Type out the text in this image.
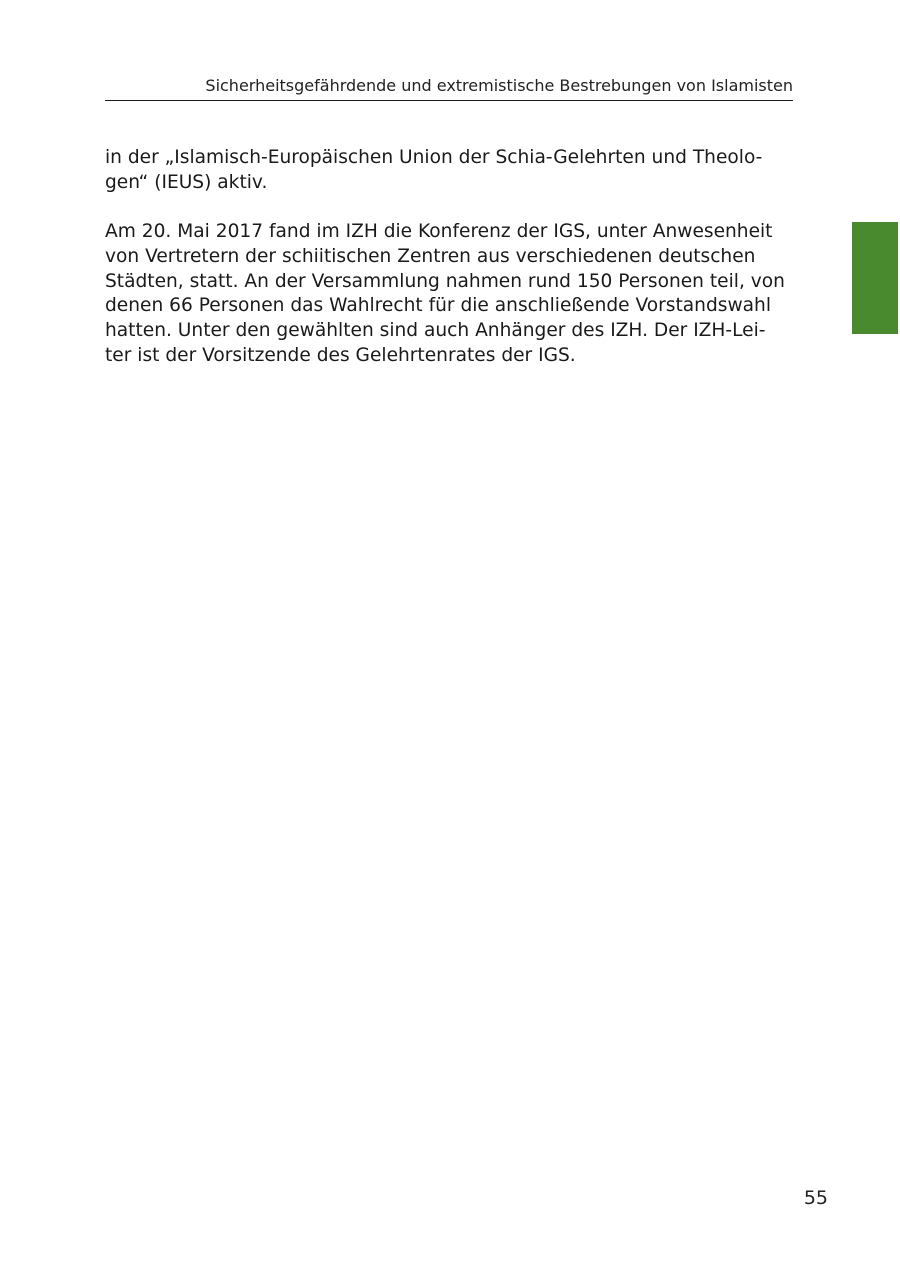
Sicherheitsgefährdende und extremistische Bestrebungen von Islamisten

in der „Islamisch-Europäischen Union der Schia-Gelehrten und Theolo-
gen“ (IEUS) aktiv.

Am 20. Mai 2017 fand im IZH die Konferenz der IGS, unter Anwesenheit
von Vertretern der schiitischen Zentren aus verschiedenen deutschen
Städten, statt. An der Versammlung nahmen rund 150 Personen teil, von
denen 66 Personen das Wahlrecht für die anschließende Vorstandswahl
hatten. Unter den gewählten sind auch Anhänger des IZH. Der IZH-Lei-
ter ist der Vorsitzende des Gelehrtenrates der IGS.

55
